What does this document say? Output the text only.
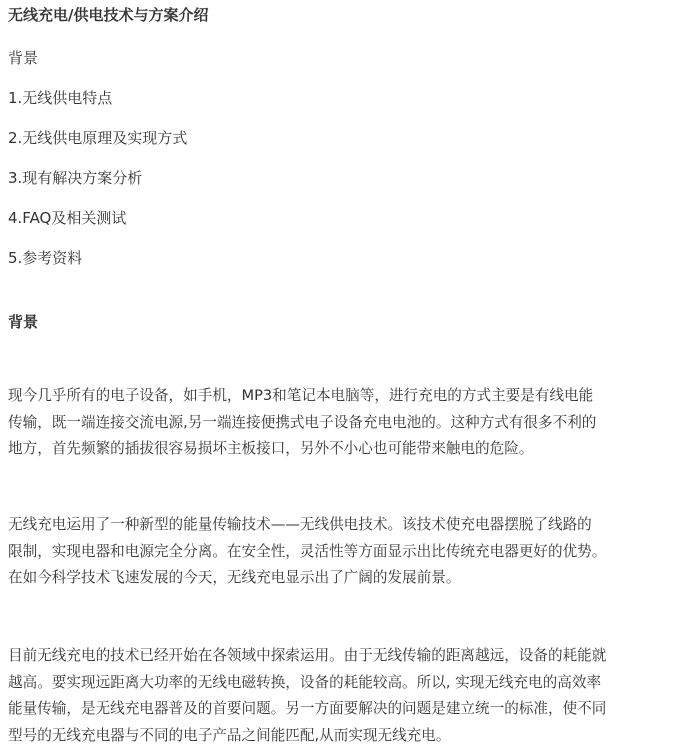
无线充电/供电技术与方案介绍
背景
1.无线供电特点
2.无线供电原理及实现方式
3.现有解决方案分析
4.FAQ及相关测试
5.参考资料
背景

现今几乎所有的电子设备，如手机，MP3和笔记本电脑等，进行充电的方式主要是有线电能
传输，既一端连接交流电源,另一端连接便携式电子设备充电电池的。这种方式有很多不利的
地方，首先频繁的插拔很容易损坏主板接口，另外不小心也可能带来触电的危险。

无线充电运用了一种新型的能量传输技术——无线供电技术。该技术使充电器摆脱了线路的
限制，实现电器和电源完全分离。在安全性，灵活性等方面显示出比传统充电器更好的优势。
在如今科学技术飞速发展的今天，无线充电显示出了广阔的发展前景。

目前无线充电的技术已经开始在各领域中探索运用。由于无线传输的距离越远，设备的耗能就
越高。要实现远距离大功率的无线电磁转换，设备的耗能较高。所以, 实现无线充电的高效率
能量传输，是无线充电器普及的首要问题。另一方面要解决的问题是建立统一的标准，使不同
型号的无线充电器与不同的电子产品之间能匹配,从而实现无线充电。
